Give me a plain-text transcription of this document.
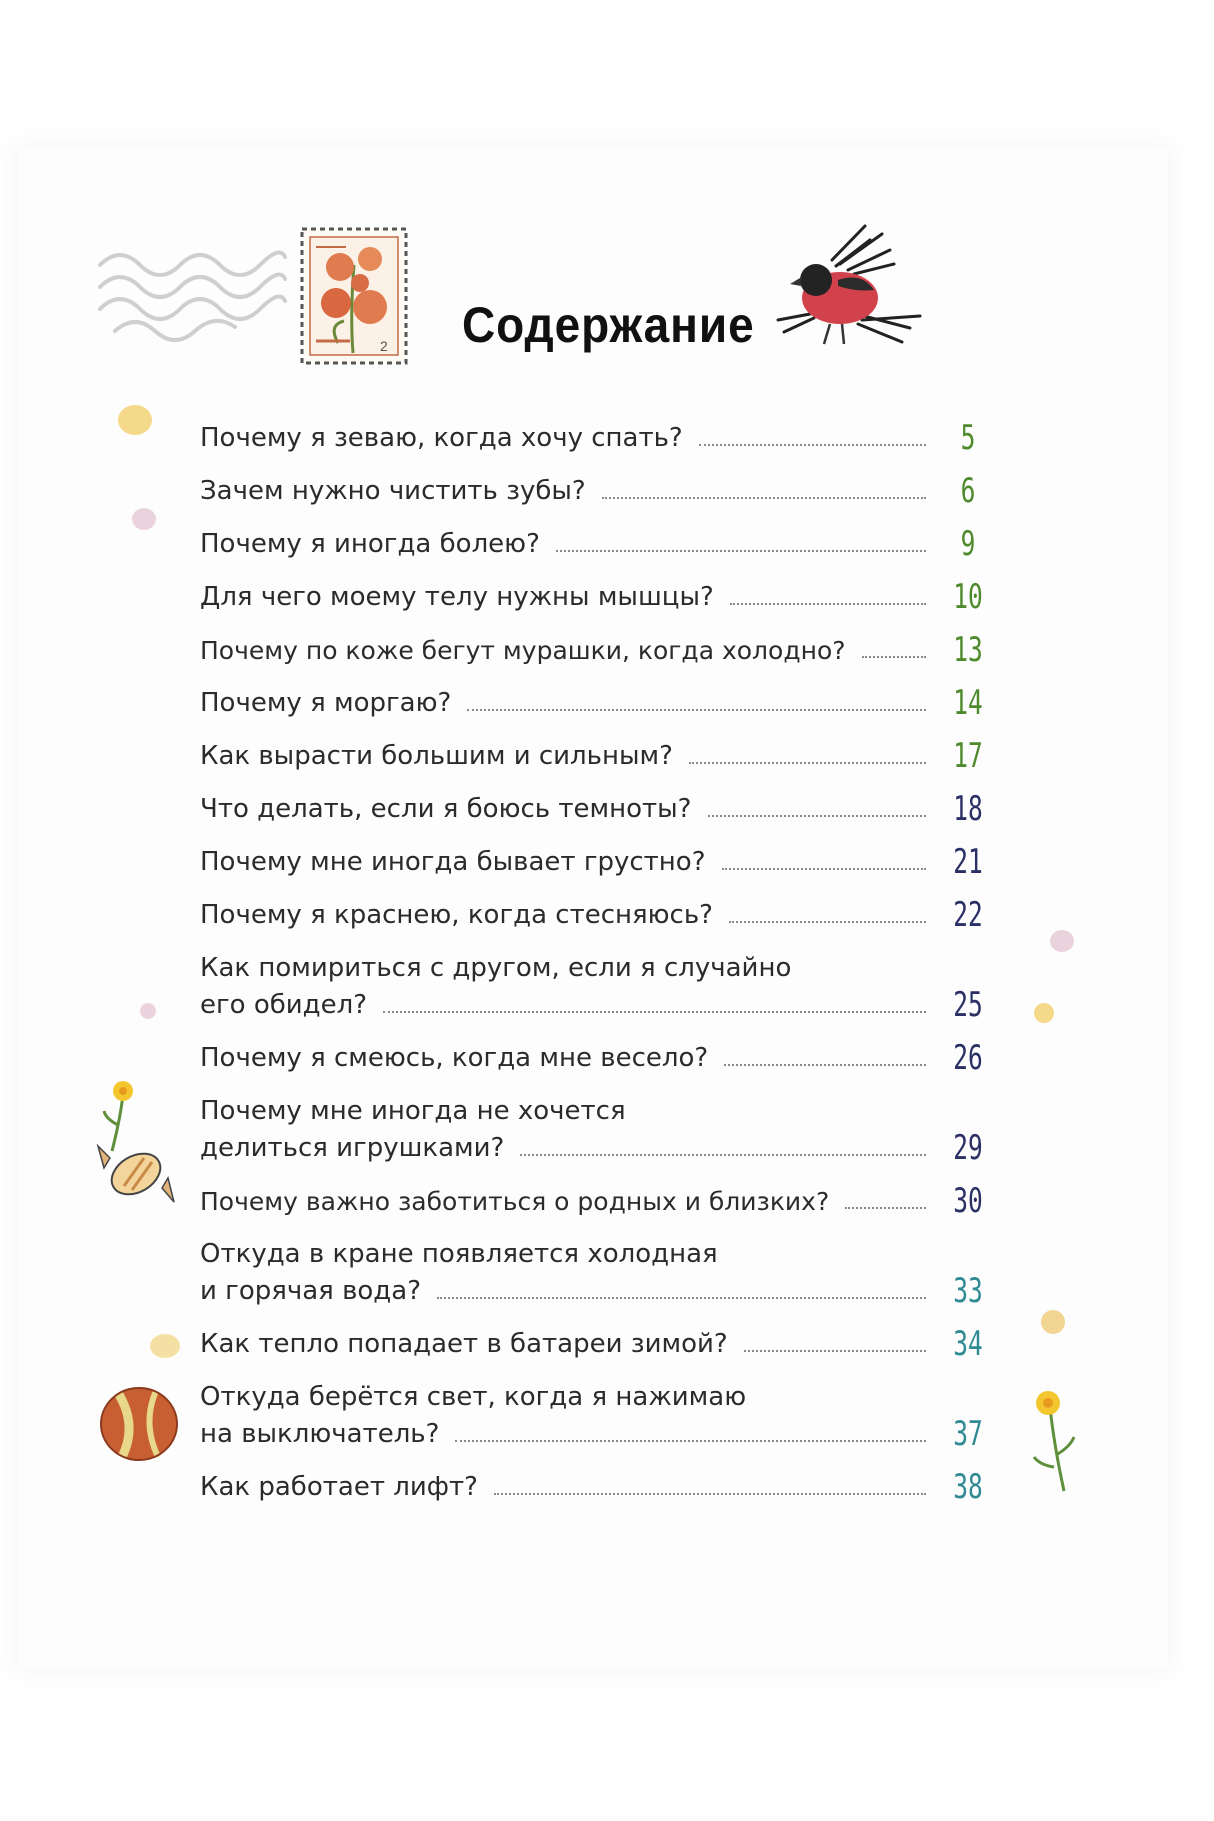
2 Содержание
Почему я зеваю, когда хочу спать?	5
Зачем нужно чистить зубы?	6
Почему я иногда болею?	9
Для чего моему телу нужны мышцы?	10
Почему по коже бегут мурашки, когда холодно?	13
Почему я моргаю?	14
Как вырасти большим и сильным?	17
Что делать, если я боюсь темноты?	18
Почему мне иногда бывает грустно?	21
Почему я краснею, когда стесняюсь?	22
Как помириться с другом, если я случайно
его обидел?	25
Почему я смеюсь, когда мне весело?	26
Почему мне иногда не хочется
делиться игрушками?	29
Почему важно заботиться о родных и близких?	30
Откуда в кране появляется холодная
и горячая вода?	33
Как тепло попадает в батареи зимой?	34
Откуда берётся свет, когда я нажимаю
на выключатель?	37
Как работает лифт?	38
